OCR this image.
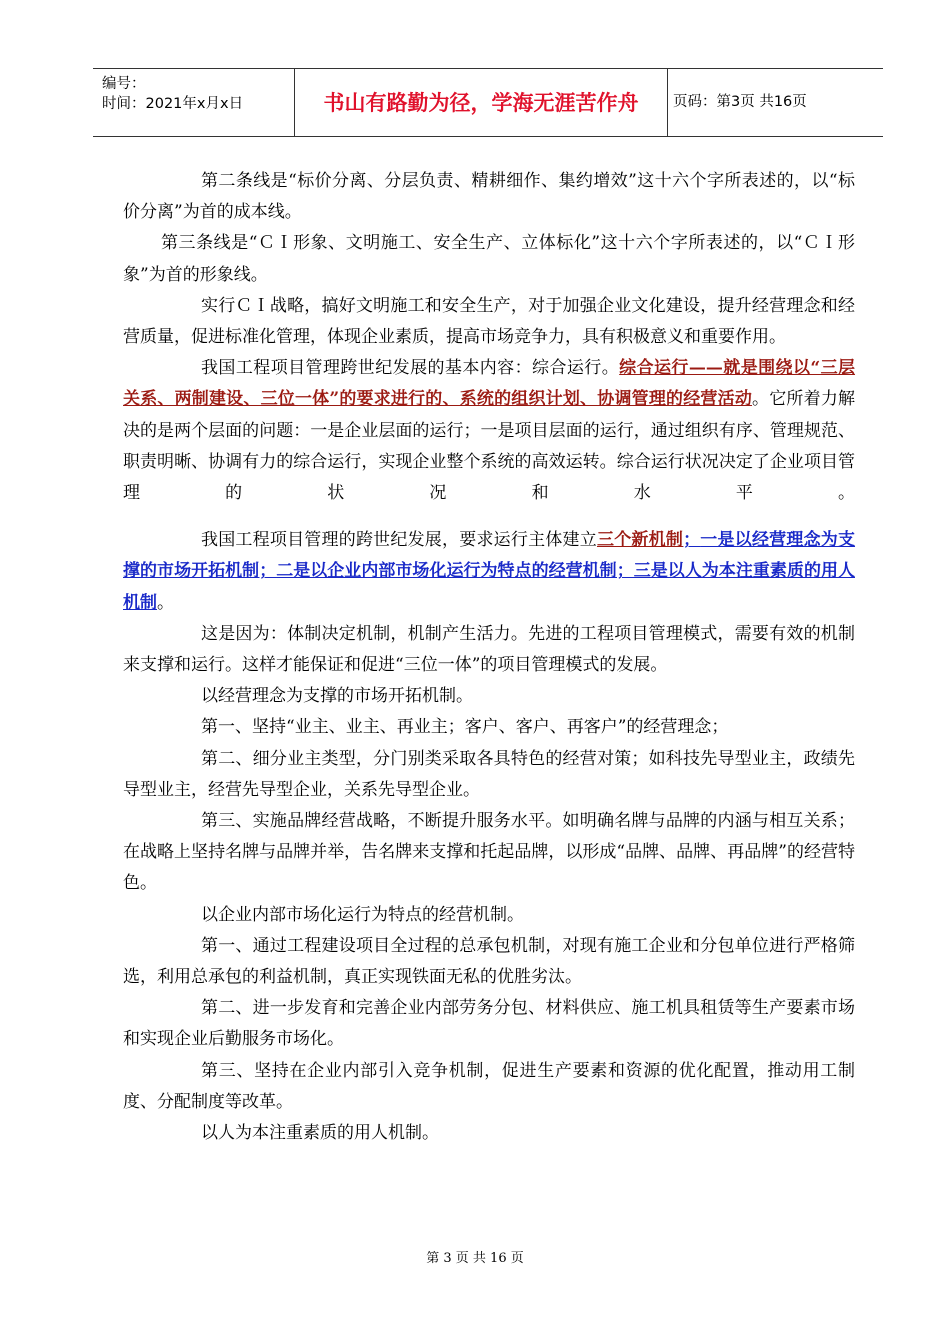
编号：
时间：2021年x月x日	书山有路勤为径，学海无涯苦作舟	页码：第3页 共16页

第二条线是“标价分离、分层负责、精耕细作、集约增效”这十六个字所表述的，以“标价分离”为首的成本线。

第三条线是“ＣＩ形象、文明施工、安全生产、立体标化”这十六个字所表述的，以“ＣＩ形象”为首的形象线。

实行ＣＩ战略，搞好文明施工和安全生产，对于加强企业文化建设，提升经营理念和经营质量，促进标准化管理，体现企业素质，提高市场竞争力，具有积极意义和重要作用。

我国工程项目管理跨世纪发展的基本内容：综合运行。综合运行——就是围绕以“三层关系、两制建设、三位一体”的要求进行的、系统的组织计划、协调管理的经营活动。它所着力解决的是两个层面的问题：一是企业层面的运行；一是项目层面的运行，通过组织有序、管理规范、职责明晰、协调有力的综合运行，实现企业整个系统的高效运转。综合运行状况决定了企业项目管理的状况和水平。

我国工程项目管理的跨世纪发展，要求运行主体建立三个新机制；一是以经营理念为支撑的市场开拓机制；二是以企业内部市场化运行为特点的经营机制；三是以人为本注重素质的用人机制。

这是因为：体制决定机制，机制产生活力。先进的工程项目管理模式，需要有效的机制来支撑和运行。这样才能保证和促进“三位一体”的项目管理模式的发展。

以经营理念为支撑的市场开拓机制。

第一、坚持“业主、业主、再业主；客户、客户、再客户”的经营理念；

第二、细分业主类型，分门别类采取各具特色的经营对策；如科技先导型业主，政绩先导型业主，经营先导型企业，关系先导型企业。

第三、实施品牌经营战略，不断提升服务水平。如明确名牌与品牌的内涵与相互关系；在战略上坚持名牌与品牌并举，告名牌来支撑和托起品牌，以形成“品牌、品牌、再品牌”的经营特色。

以企业内部市场化运行为特点的经营机制。

第一、通过工程建设项目全过程的总承包机制，对现有施工企业和分包单位进行严格筛选，利用总承包的利益机制，真正实现铁面无私的优胜劣汰。

第二、进一步发育和完善企业内部劳务分包、材料供应、施工机具租赁等生产要素市场和实现企业后勤服务市场化。

第三、坚持在企业内部引入竞争机制，促进生产要素和资源的优化配置，推动用工制度、分配制度等改革。

以人为本注重素质的用人机制。

第 3 页 共 16 页
